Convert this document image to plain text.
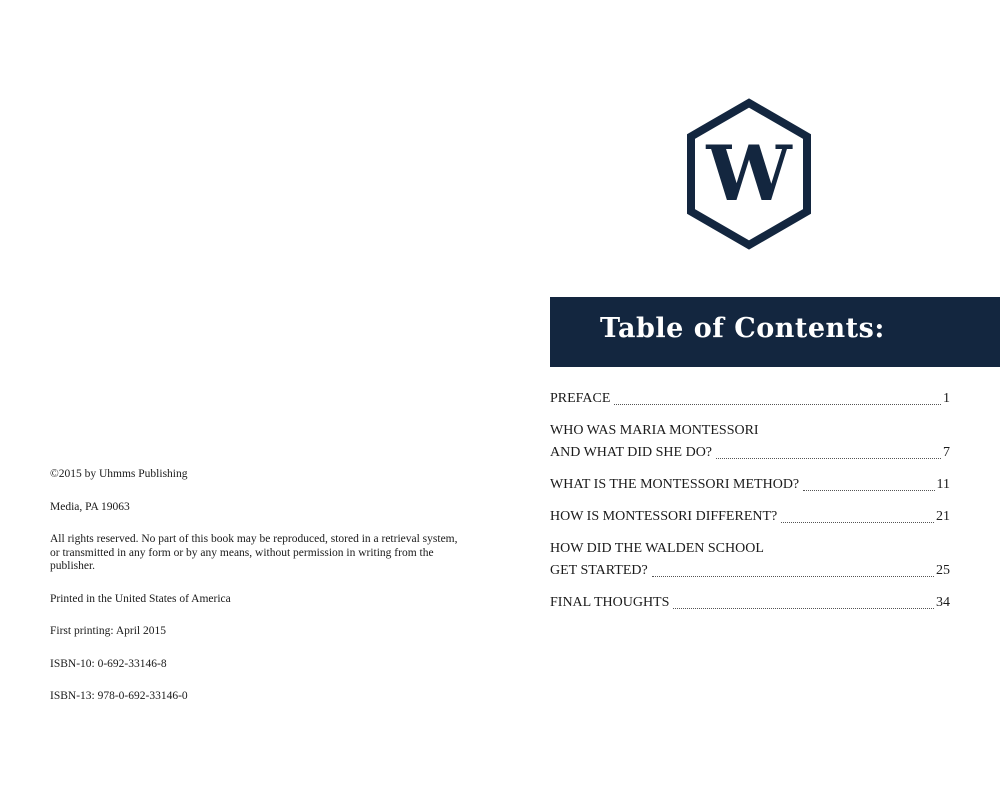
©2015 by Uhmms Publishing

Media, PA 19063

All rights reserved. No part of this book may be reproduced, stored in a retrieval system, or transmitted in any form or by any means, without permission in writing from the publisher.

Printed in the United States of America

First printing: April 2015

ISBN-10: 0-692-33146-8

ISBN-13: 978-0-692-33146-0

W
Table of Contents:
PREFACE	1
WHO WAS MARIA MONTESSORI
AND WHAT DID SHE DO?	7
WHAT IS THE MONTESSORI METHOD?	11
HOW IS MONTESSORI DIFFERENT?	21
HOW DID THE WALDEN SCHOOL
GET STARTED?	25
FINAL THOUGHTS	34
